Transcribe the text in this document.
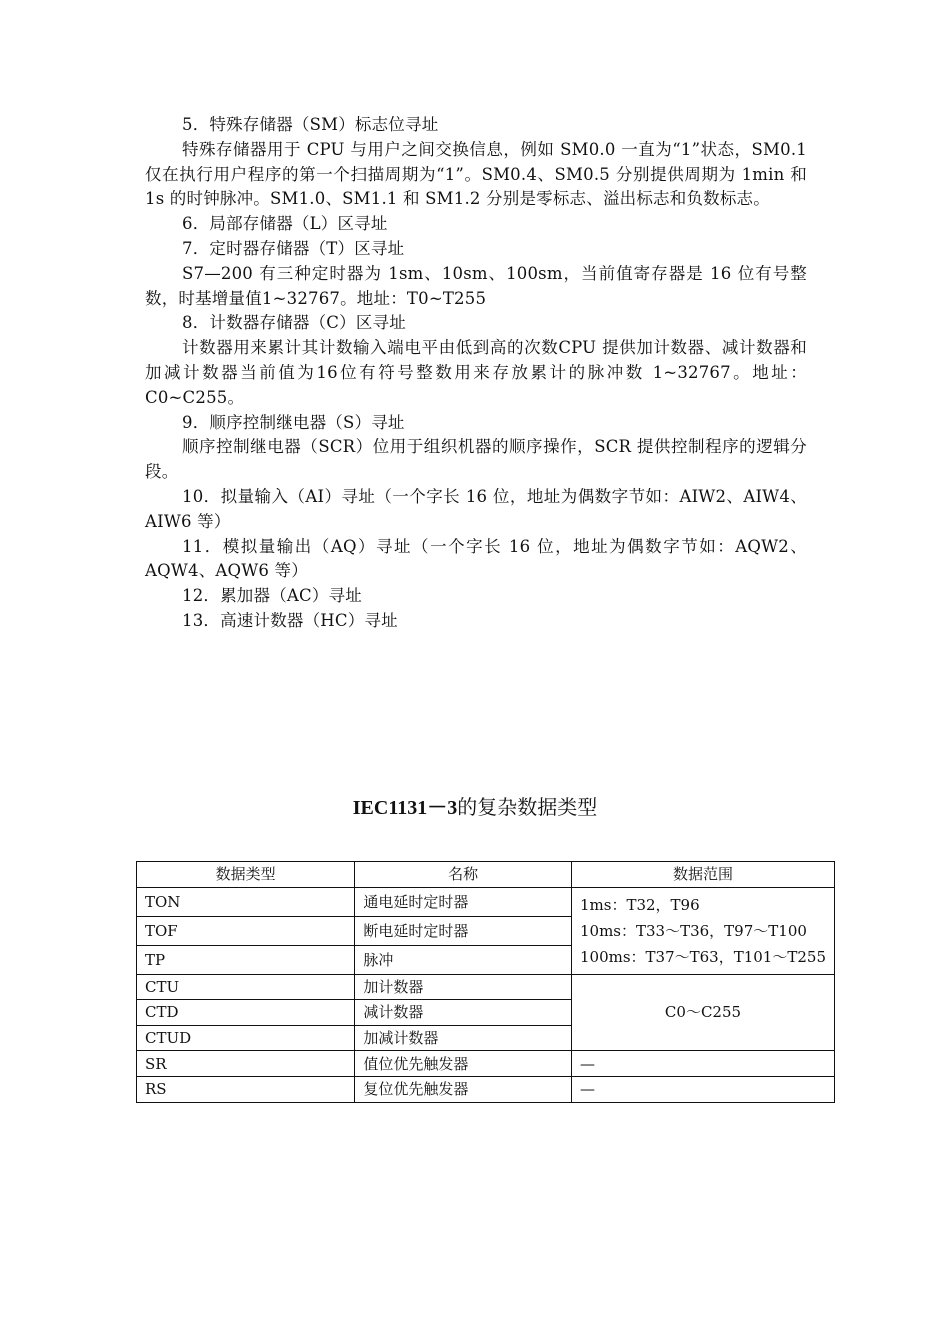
5．特殊存储器（SM）标志位寻址

特殊存储器用于 CPU 与用户之间交换信息，例如 SM0.0 一直为“1”状态，SM0.1 仅在执行用户程序的第一个扫描周期为“1”。SM0.4、SM0.5 分别提供周期为 1min 和 1s 的时钟脉冲。SM1.0、SM1.1 和 SM1.2 分别是零标志、溢出标志和负数标志。

6．局部存储器（L）区寻址

7．定时器存储器（T）区寻址

S7—200 有三种定时器为 1sm、10sm、100sm，当前值寄存器是 16 位有号整数，时基增量值1~32767。地址：T0~T255

8．计数器存储器（C）区寻址

计数器用来累计其计数输入端电平由低到高的次数CPU 提供加计数器、减计数器和加减计数器当前值为16位有符号整数用来存放累计的脉冲数 1~32767。地址：C0~C255。

9．顺序控制继电器（S）寻址

顺序控制继电器（SCR）位用于组织机器的顺序操作，SCR 提供控制程序的逻辑分段。

10．拟量输入（AI）寻址（一个字长 16 位，地址为偶数字节如：AIW2、AIW4、AIW6 等）

11．模拟量输出（AQ）寻址（一个字长 16 位，地址为偶数字节如：AQW2、AQW4、AQW6 等）

12．累加器（AC）寻址

13．高速计数器（HC）寻址

IEC1131－3的复杂数据类型
数据类型	名称	数据范围
TON	通电延时定时器	1ms：T32，T96
10ms：T33～T36，T97～T100
100ms：T37～T63，T101～T255

TOF	断电延时定时器	
TP	脉冲	
CTU	加计数器	C0～C255
CTD	减计数器	
CTUD	加减计数器	
SR	值位优先触发器	—
RS	复位优先触发器	—
